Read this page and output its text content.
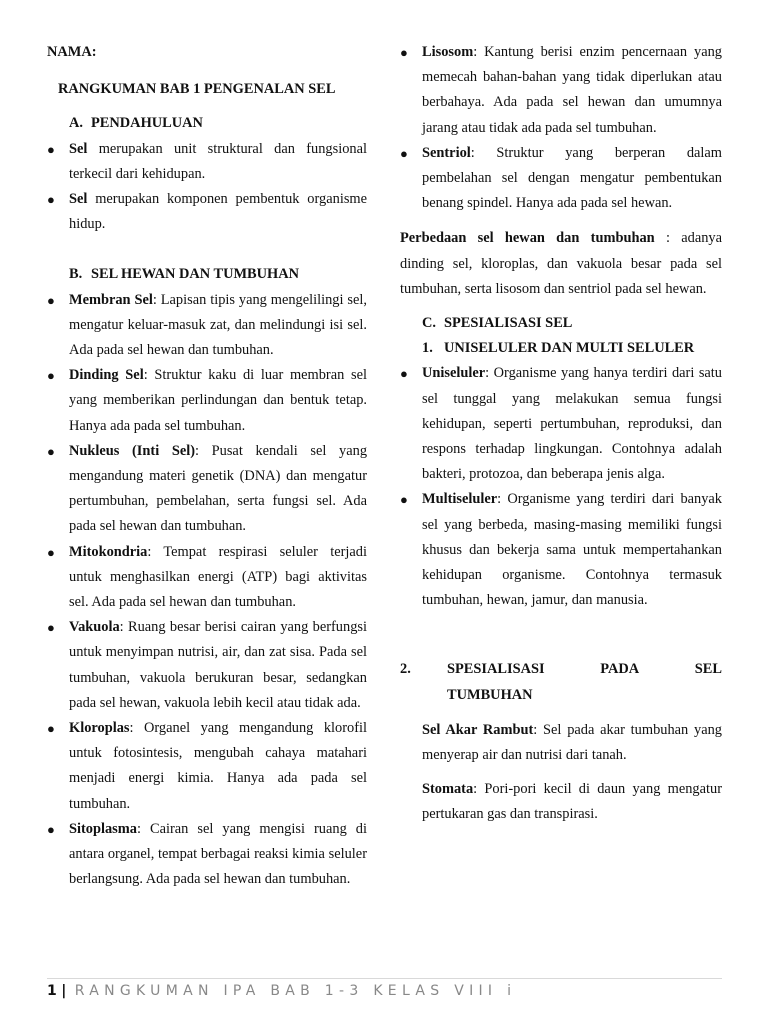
NAMA:

RANGKUMAN BAB 1 PENGENALAN SEL

A. PENDAHULUAN

● Sel merupakan unit struktural dan fungsional terkecil dari kehidupan.
● Sel merupakan komponen pembentuk organisme hidup.

B. SEL HEWAN DAN TUMBUHAN

● Membran Sel: Lapisan tipis yang mengelilingi sel, mengatur keluar-masuk zat, dan melindungi isi sel. Ada pada sel hewan dan tumbuhan.
● Dinding Sel: Struktur kaku di luar membran sel yang memberikan perlindungan dan bentuk tetap. Hanya ada pada sel tumbuhan.
● Nukleus (Inti Sel): Pusat kendali sel yang mengandung materi genetik (DNA) dan mengatur pertumbuhan, pembelahan, serta fungsi sel. Ada pada sel hewan dan tumbuhan.
● Mitokondria: Tempat respirasi seluler terjadi untuk menghasilkan energi (ATP) bagi aktivitas sel. Ada pada sel hewan dan tumbuhan.
● Vakuola: Ruang besar berisi cairan yang berfungsi untuk menyimpan nutrisi, air, dan zat sisa. Pada sel tumbuhan, vakuola berukuran besar, sedangkan pada sel hewan, vakuola lebih kecil atau tidak ada.
● Kloroplas: Organel yang mengandung klorofil untuk fotosintesis, mengubah cahaya matahari menjadi energi kimia. Hanya ada pada sel tumbuhan.
● Sitoplasma: Cairan sel yang mengisi ruang di antara organel, tempat berbagai reaksi kimia seluler berlangsung. Ada pada sel hewan dan tumbuhan.
● Lisosom: Kantung berisi enzim pencernaan yang memecah bahan-bahan yang tidak diperlukan atau berbahaya. Ada pada sel hewan dan umumnya jarang atau tidak ada pada sel tumbuhan.
● Sentriol: Struktur yang berperan dalam pembelahan sel dengan mengatur pembentukan benang spindel. Hanya ada pada sel hewan.

Perbedaan sel hewan dan tumbuhan : adanya dinding sel, kloroplas, dan vakuola besar pada sel tumbuhan, serta lisosom dan sentriol pada sel hewan.

C. SPESIALISASI SEL

1. UNISELULER DAN MULTI SELULER

● Uniseluler: Organisme yang hanya terdiri dari satu sel tunggal yang melakukan semua fungsi kehidupan, seperti pertumbuhan, reproduksi, dan respons terhadap lingkungan. Contohnya adalah bakteri, protozoa, dan beberapa jenis alga.
● Multiseluler: Organisme yang terdiri dari banyak sel yang berbeda, masing-masing memiliki fungsi khusus dan bekerja sama untuk mempertahankan kehidupan organisme. Contohnya termasuk tumbuhan, hewan, jamur, dan manusia.
2.	SPESIALISASI	PADA	SEL
TUMBUHAN

Sel Akar Rambut: Sel pada akar tumbuhan yang menyerap air dan nutrisi dari tanah.

Stomata: Pori-pori kecil di daun yang mengatur pertukaran gas dan transpirasi.

1 | RANGKUMAN IPA BAB 1-3 KELAS VIII i
